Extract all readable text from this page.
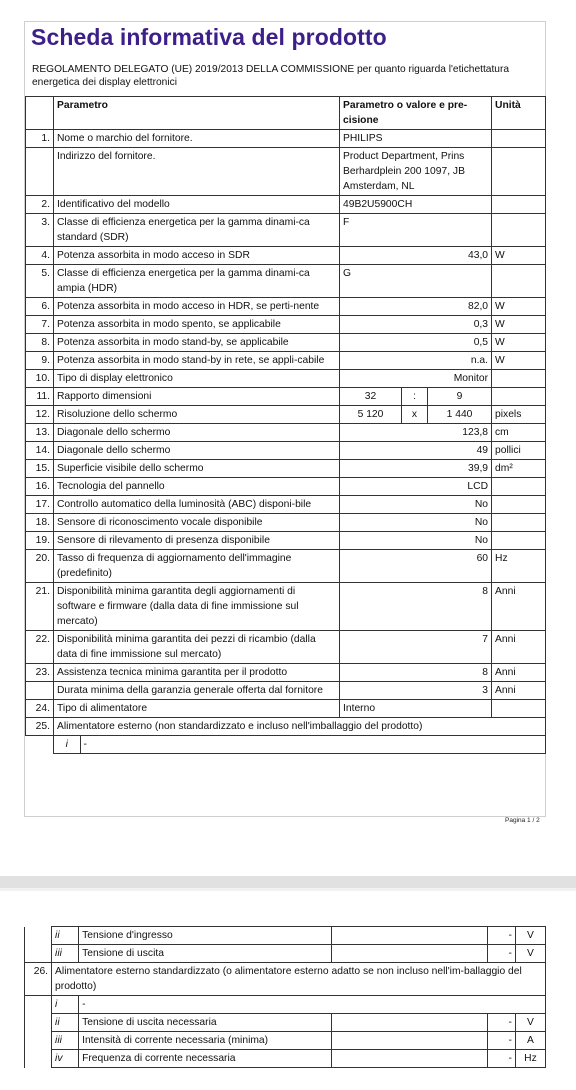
Scheda informativa del prodotto
REGOLAMENTO DELEGATO (UE) 2019/2013 DELLA COMMISSIONE per quanto riguarda l'etichettatura energetica dei display elettronici
	Parametro	Parametro o valore e pre-cisione	Unità
1.	Nome o marchio del fornitore.	PHILIPS	
	Indirizzo del fornitore.	Product Department, Prins Berhardplein 200 1097, JB Amsterdam, NL	
2.	Identificativo del modello	49B2U5900CH	
3.	Classe di efficienza energetica per la gamma dinami-ca standard (SDR)	F	
4.	Potenza assorbita in modo acceso in SDR	43,0	W
5.	Classe di efficienza energetica per la gamma dinami-ca ampia (HDR)	G	
6.	Potenza assorbita in modo acceso in HDR, se perti-nente	82,0	W
7.	Potenza assorbita in modo spento, se applicabile	0,3	W
8.	Potenza assorbita in modo stand-by, se applicabile	0,5	W
9.	Potenza assorbita in modo stand-by in rete, se appli-cabile	n.a.	W
10.	Tipo di display elettronico	Monitor	
11.	Rapporto dimensioni	32	:	9	
12.	Risoluzione dello schermo	5 120	x	1 440	pixels
13.	Diagonale dello schermo	123,8	cm
14.	Diagonale dello schermo	49	pollici
15.	Superficie visibile dello schermo	39,9	dm²
16.	Tecnologia del pannello	LCD	
17.	Controllo automatico della luminosità (ABC) disponi-bile	No	
18.	Sensore di riconoscimento vocale disponibile	No	
19.	Sensore di rilevamento di presenza disponibile	No	
20.	Tasso di frequenza di aggiornamento dell'immagine (predefinito)	60	Hz
21.	Disponibilità minima garantita degli aggiornamenti di software e firmware (dalla data di fine immissione sul mercato)	8	Anni
22.	Disponibilità minima garantita dei pezzi di ricambio (dalla data di fine immissione sul mercato)	7	Anni
23.	Assistenza tecnica minima garantita per il prodotto	8	Anni
	Durata minima della garanzia generale offerta dal fornitore	3	Anni
24.	Tipo di alimentatore	Interno	
25.	Alimentatore esterno (non standardizzato e incluso nell'imballaggio del prodotto)

i	-
Pagina 1 / 2
	ii	Tensione d'ingresso		-	V
	iii	Tensione di uscita		-	V
26.	Alimentatore esterno standardizzato (o alimentatore esterno adatto se non incluso nell'im-ballaggio del prodotto)				
	i	-			
	ii	Tensione di uscita necessaria		-	V
	iii	Intensità di corrente necessaria (minima)		-	A
	iv	Frequenza di corrente necessaria		-	Hz
